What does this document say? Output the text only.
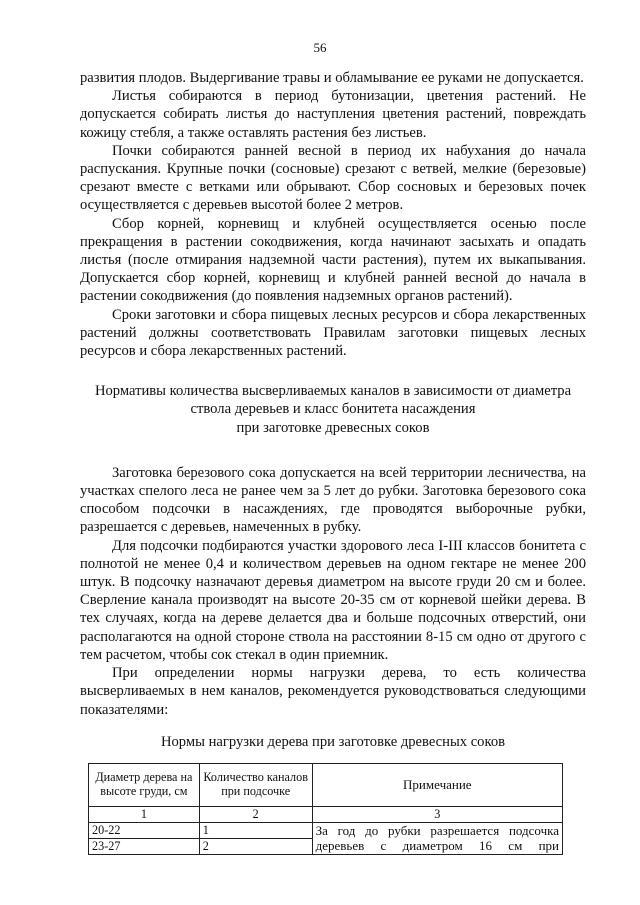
56

развития плодов. Выдергивание травы и обламывание ее руками не допускается.

Листья собираются в период бутонизации, цветения растений. Не допускается собирать листья до наступления цветения растений, повреждать кожицу стебля, а также оставлять растения без листьев.

Почки собираются ранней весной в период их набухания до начала распускания. Крупные почки (сосновые) срезают с ветвей, мелкие (березовые) срезают вместе с ветками или обрывают. Сбор сосновых и березовых почек осуществляется с деревьев высотой более 2 метров.

Сбор корней, корневищ и клубней осуществляется осенью после прекращения в растении сокодвижения, когда начинают засыхать и опадать листья (после отмирания надземной части растения), путем их выкапывания. Допускается сбор корней, корневищ и клубней ранней весной до начала в растении сокодвижения (до появления надземных органов растений).

Сроки заготовки и сбора пищевых лесных ресурсов и сбора лекарственных растений должны соответствовать Правилам заготовки пищевых лесных ресурсов и сбора лекарственных растений.

Нормативы количества высверливаемых каналов в зависимости от диаметра
ствола деревьев и класс бонитета насаждения
при заготовке древесных соков

Заготовка березового сока допускается на всей территории лесничества, на участках спелого леса не ранее чем за 5 лет до рубки. Заготовка березового сока способом подсочки в насаждениях, где проводятся выборочные рубки, разрешается с деревьев, намеченных в рубку.

Для подсочки подбираются участки здорового леса I-III классов бонитета с полнотой не менее 0,4 и количеством деревьев на одном гектаре не менее 200 штук. В подсочку назначают деревья диаметром на высоте груди 20 см и более. Сверление канала производят на высоте 20-35 см от корневой шейки дерева. В тех случаях, когда на дереве делается два и больше подсочных отверстий, они располагаются на одной стороне ствола на расстоянии 8-15 см одно от другого с тем расчетом, чтобы сок стекал в один приемник.

При определении нормы нагрузки дерева, то есть количества высверливаемых в нем каналов, рекомендуется руководствоваться следующими показателями:

Нормы нагрузки дерева при заготовке древесных соков

Диаметр дерева на высоте груди, см	Количество каналов при подсочке	Примечание
1	2	3
20-22	1	За год до рубки разрешается подсочка
деревьев с диаметром 16 см при
23-27	2	
